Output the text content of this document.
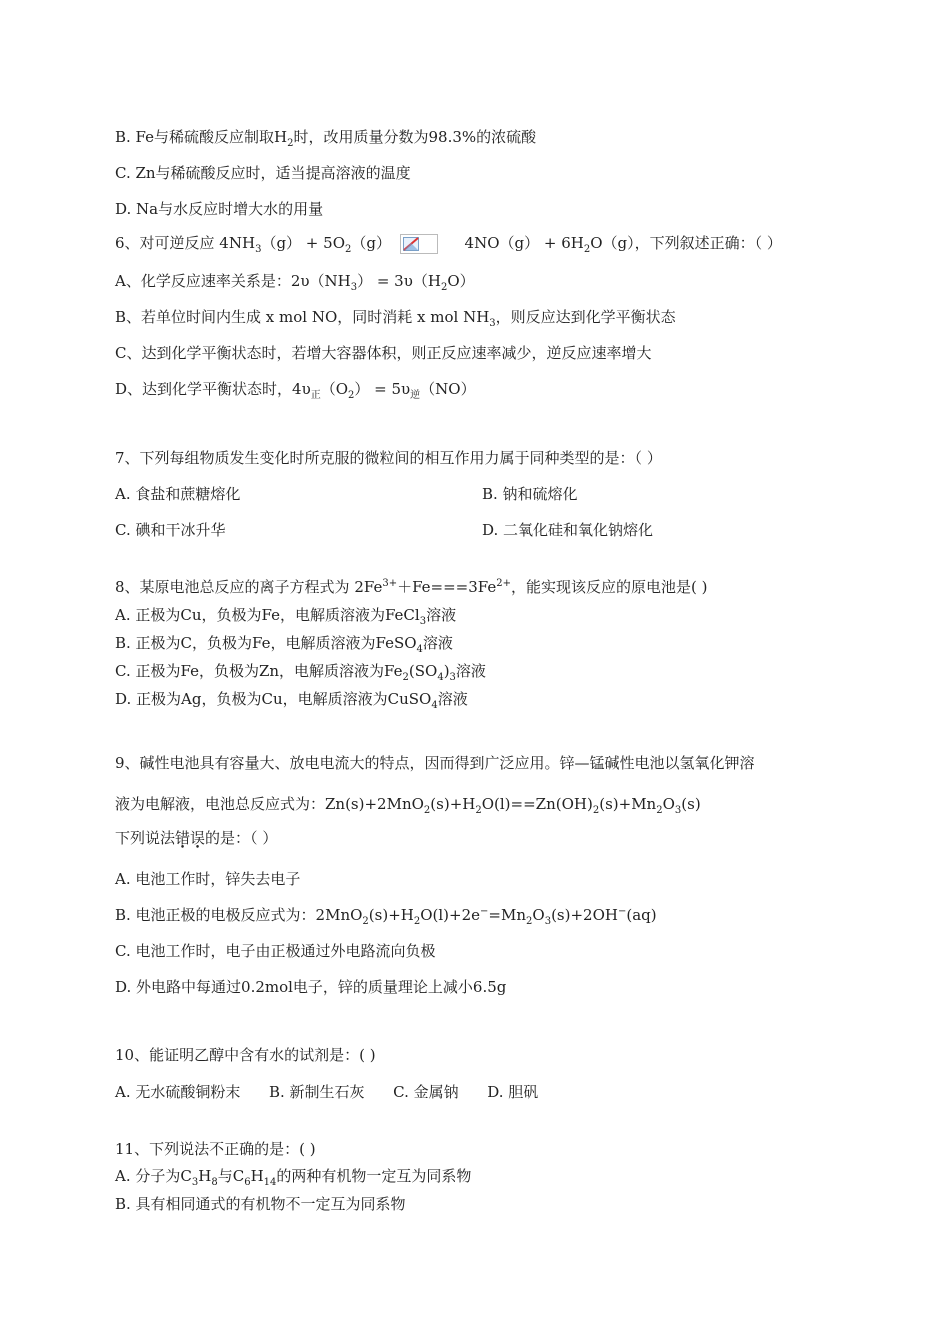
B. Fe与稀硫酸反应制取$H_2$时，改用质量分数为98.3%的浓硫酸
C. Zn与稀硫酸反应时，适当提高溶液的温度
D. Na与水反应时增大水的用量
6、对可逆反应 $4NH_3(g) + 5O_2(g)$	$4NO(g) + 6H_2O(g)$，下列叙述正确：（ ）
A、化学反应速率关系是：$2\upsilon(NH_3) = 3\upsilon(H_2O)$
B、若单位时间内生成 x mol NO，同时消耗 x mol $NH_3$，则反应达到化学平衡状态
C、达到化学平衡状态时，若增大容器体积，则正反应速率减少，逆反应速率增大
D、达到化学平衡状态时，$4\upsilon_正(O_2) = 5\upsilon_逆(NO)$
7、下列每组物质发生变化时所克服的微粒间的相互作用力属于同种类型的是：（ ）
A. 食盐和蔗糖熔化	B. 钠和硫熔化
C. 碘和干冰升华	D. 二氧化硅和氧化钠熔化
8、某原电池总反应的离子方程式为 $2Fe^{3+}+Fe===3Fe^{2+}$，能实现该反应的原电池是( )
A. 正极为Cu，负极为Fe，电解质溶液为FeCl$_3$溶液
B. 正极为C，负极为Fe，电解质溶液为FeSO$_4$溶液
C. 正极为Fe，负极为Zn，电解质溶液为$Fe_2(SO_4)_3$溶液
D. 正极为Ag，负极为Cu，电解质溶液为CuSO$_4$溶液
9、碱性电池具有容量大、放电电流大的特点，因而得到广泛应用。锌—锰碱性电池以氢氧化钾溶
液为电解液，电池总反应式为：$Zn(s)+2MnO_2(s)+H_2O(l)==Zn(OH)_2(s)+Mn_2O_3(s)$
下列说法错误的是：（ ）
A. 电池工作时，锌失去电子
B. 电池正极的电极反应式为：$2MnO_2(s)+H_2O(l)+2e^-=Mn_2O_3(s)+2OH^-(aq)$
C. 电池工作时，电子由正极通过外电路流向负极
D. 外电路中每通过0.2mol电子，锌的质量理论上减小6.5g
10、能证明乙醇中含有水的试剂是：( )
A. 无水硫酸铜粉末      B. 新制生石灰      C. 金属钠      D. 胆矾
11、下列说法不正确的是：( )
A. 分子为$C_3H_8$与$C_6H_{14}$的两种有机物一定互为同系物
B. 具有相同通式的有机物不一定互为同系物
